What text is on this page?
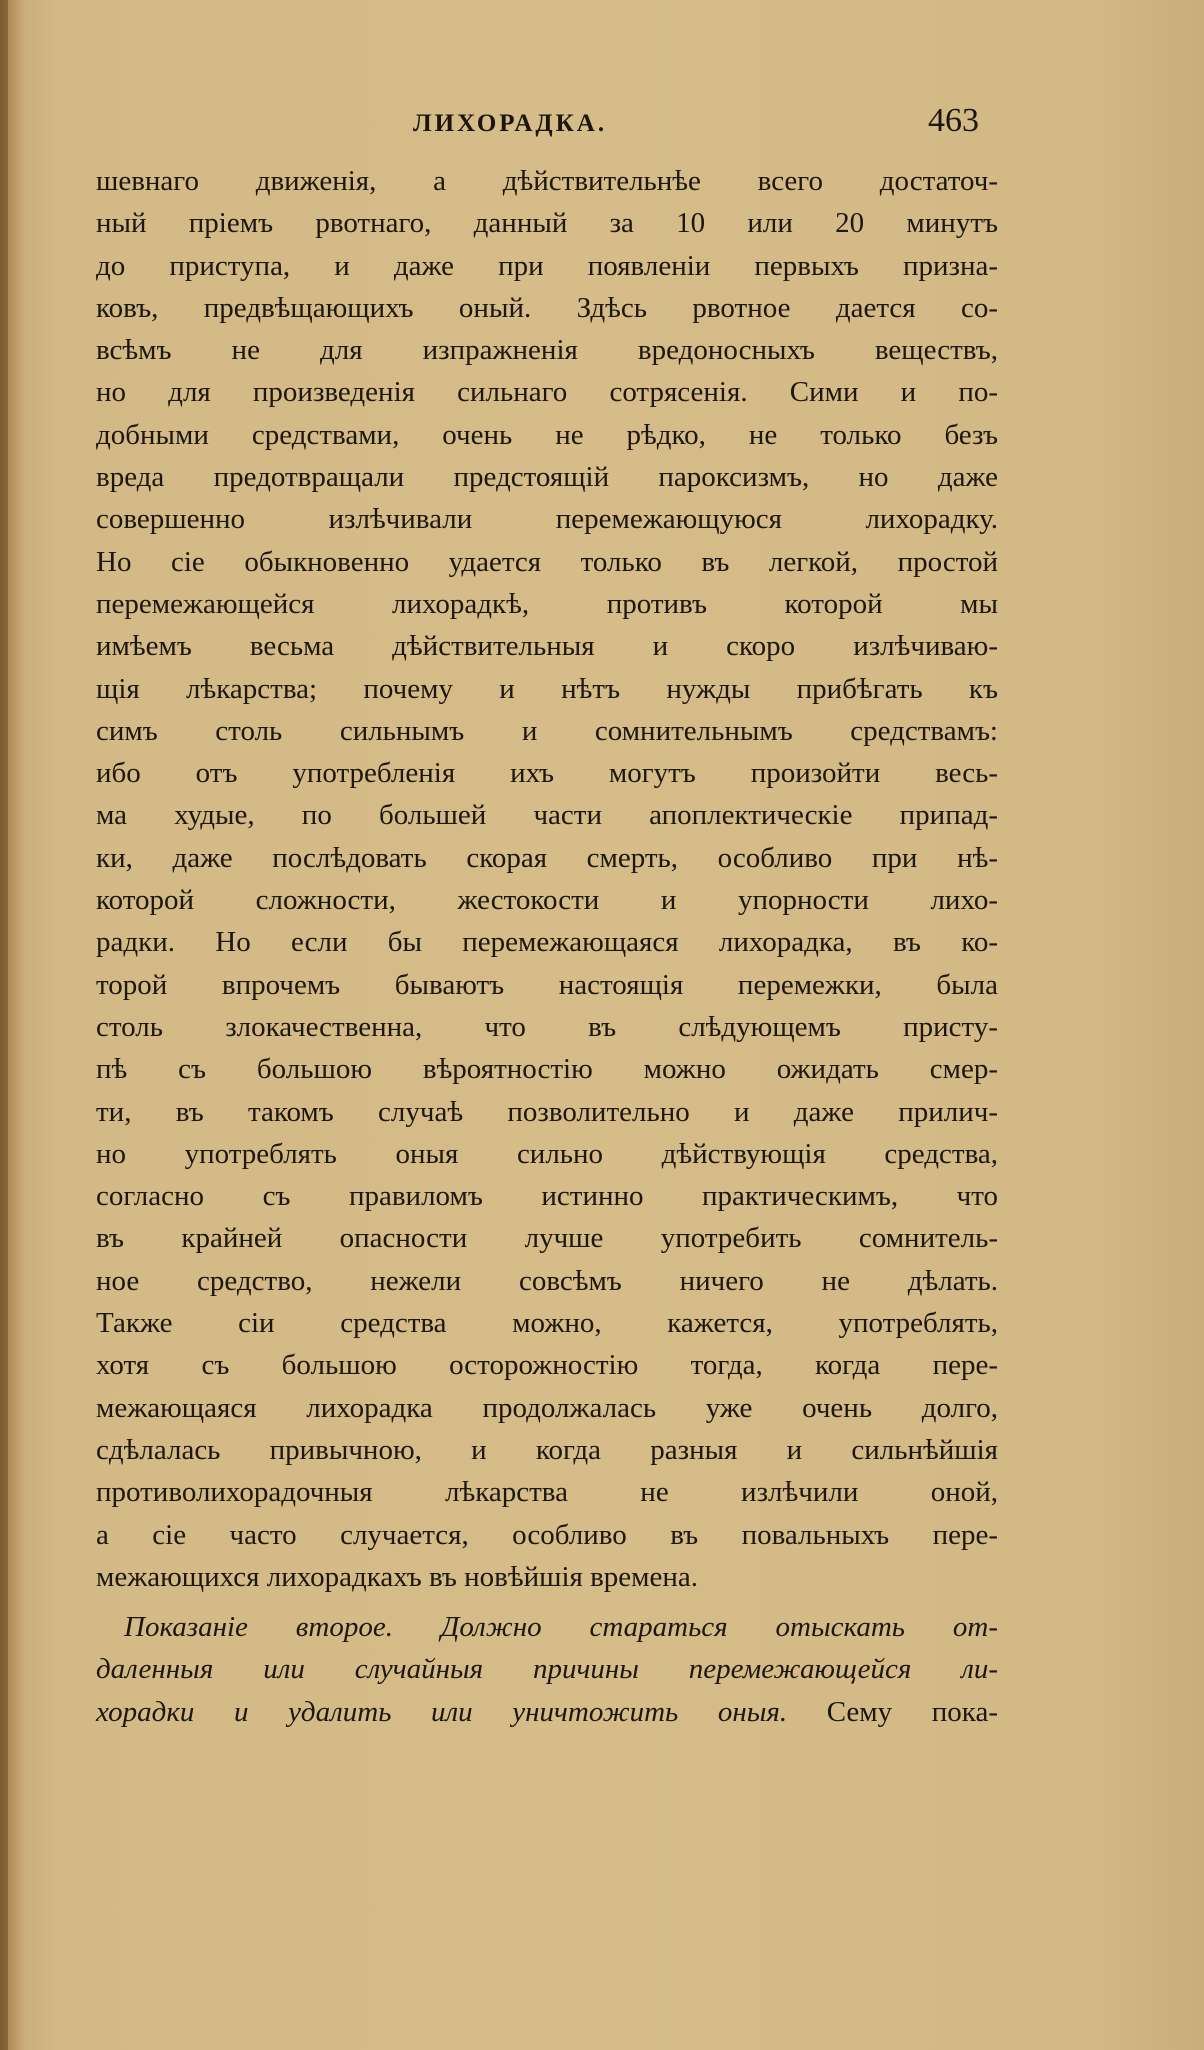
ЛИХОРАДКА.	463
шевнаго движенія, а дѣйствительнѣе всего достаточ-
ный пріемъ рвотнаго, данный за 10 или 20 минутъ
до приступа, и даже при появленіи первыхъ призна-
ковъ, предвѣщающихъ оный. Здѣсь рвотное дается со-
всѣмъ не для изпражненія вредоносныхъ веществъ,
но для произведенія сильнаго сотрясенія. Сими и по-
добными средствами, очень не рѣдко, не только безъ
вреда предотвращали предстоящій пароксизмъ, но даже
совершенно излѣчивали перемежающуюся лихорадку.
Но сіе обыкновенно удается только въ легкой, простой
перемежающейся лихорадкѣ, противъ которой мы
имѣемъ весьма дѣйствительныя и скоро излѣчиваю-
щія лѣкарства; почему и нѣтъ нужды прибѣгать къ
симъ столь сильнымъ и сомнительнымъ средствамъ:
ибо отъ употребленія ихъ могутъ произойти весь-
ма худые, по большей части апоплектическіе припад-
ки, даже послѣдовать скорая смерть, особливо при нѣ-
которой сложности, жестокости и упорности лихо-
радки. Но если бы перемежающаяся лихорадка, въ ко-
торой впрочемъ бываютъ настоящія перемежки, была
столь злокачественна, что въ слѣдующемъ присту-
пѣ съ большою вѣроятностію можно ожидать смер-
ти, въ такомъ случаѣ позволительно и даже прилич-
но употреблять оныя сильно дѣйствующія средства,
согласно съ правиломъ истинно практическимъ, что
въ крайней опасности лучше употребить сомнитель-
ное средство, нежели совсѣмъ ничего не дѣлать.
Также сіи средства можно, кажется, употреблять,
хотя съ большою осторожностію тогда, когда пере-
межающаяся лихорадка продолжалась уже очень долго,
сдѣлалась привычною, и когда разныя и сильнѣйшія
противолихорадочныя лѣкарства не излѣчили оной,
а сіе часто случается, особливо въ повальныхъ пере-
межающихся лихорадкахъ въ новѣйшія времена.
Показаніе второе. Должно стараться отыскать от-
даленныя или случайныя причины перемежающейся ли-
хорадки и удалить или уничтожить оныя. Сему пока-
